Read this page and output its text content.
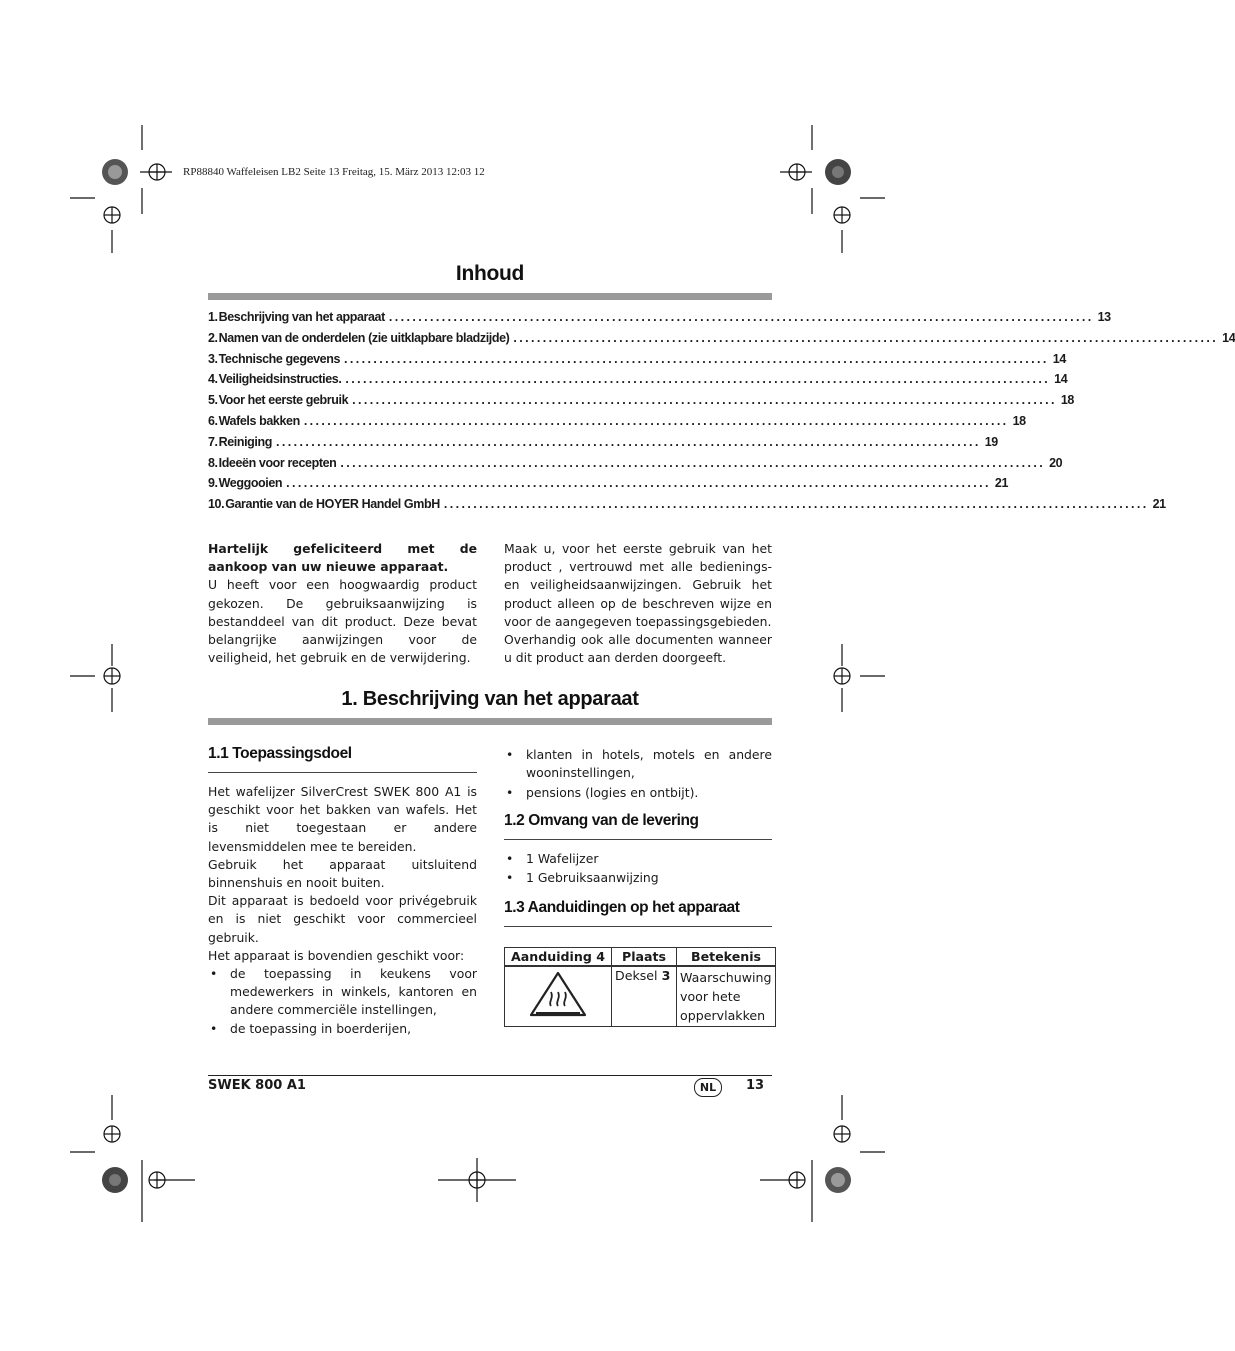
RP88840 Waffeleisen LB2 Seite 13 Freitag, 15. März 2013 12:03 12
Inhoud
1. Beschrijving van het apparaat ........................................................................................................................ 13
2. Namen van de onderdelen (zie uitklapbare bladzijde) ........................................................................................................................ 14
3. Technische gegevens ........................................................................................................................ 14
4. Veiligheidsinstructies. ........................................................................................................................ 14
5. Voor het eerste gebruik ........................................................................................................................ 18
6. Wafels bakken ........................................................................................................................ 18
7. Reiniging ........................................................................................................................ 19
8. Ideeën voor recepten ........................................................................................................................ 20
9. Weggooien ........................................................................................................................ 21
10. Garantie van de HOYER Handel GmbH ........................................................................................................................ 21

Hartelijk gefeliciteerd met de aankoop van uw nieuwe apparaat.

U heeft voor een hoogwaardig product gekozen. De gebruiksaanwijzing is bestanddeel van dit product. Deze bevat belangrijke aanwijzingen voor de veiligheid, het gebruik en de verwijdering.

Maak u, voor het eerste gebruik van het product , vertrouwd met alle bedienings- en veiligheidsaanwijzingen. Gebruik het product alleen op de beschreven wijze en voor de aangegeven toepassingsgebieden.

Overhandig ook alle documenten wanneer u dit product aan derden doorgeeft.

1. Beschrijving van het apparaat
1.1 Toepassingsdoel

Het wafelijzer SilverCrest SWEK 800 A1 is geschikt voor het bakken van wafels. Het is niet toegestaan er andere levensmiddelen mee te bereiden.

Gebruik het apparaat uitsluitend binnenshuis en nooit buiten.

Dit apparaat is bedoeld voor privégebruik en is niet geschikt voor commercieel gebruik.

Het apparaat is bovendien geschikt voor:

• de toepassing in keukens voor medewerkers in winkels, kantoren en andere commerciële instellingen,
• de toepassing in boerderijen,
• klanten in hotels, motels en andere wooninstellingen,
• pensions (logies en ontbijt).
1.2 Omvang van de levering
• 1 Wafelijzer
• 1 Gebruiksaanwijzing
1.3 Aanduidingen op het apparaat
Aanduiding 4	Plaats	Betekenis

	Deksel 3	Waarschuwing voor hete oppervlakken
SWEK 800 A1	NL	13
